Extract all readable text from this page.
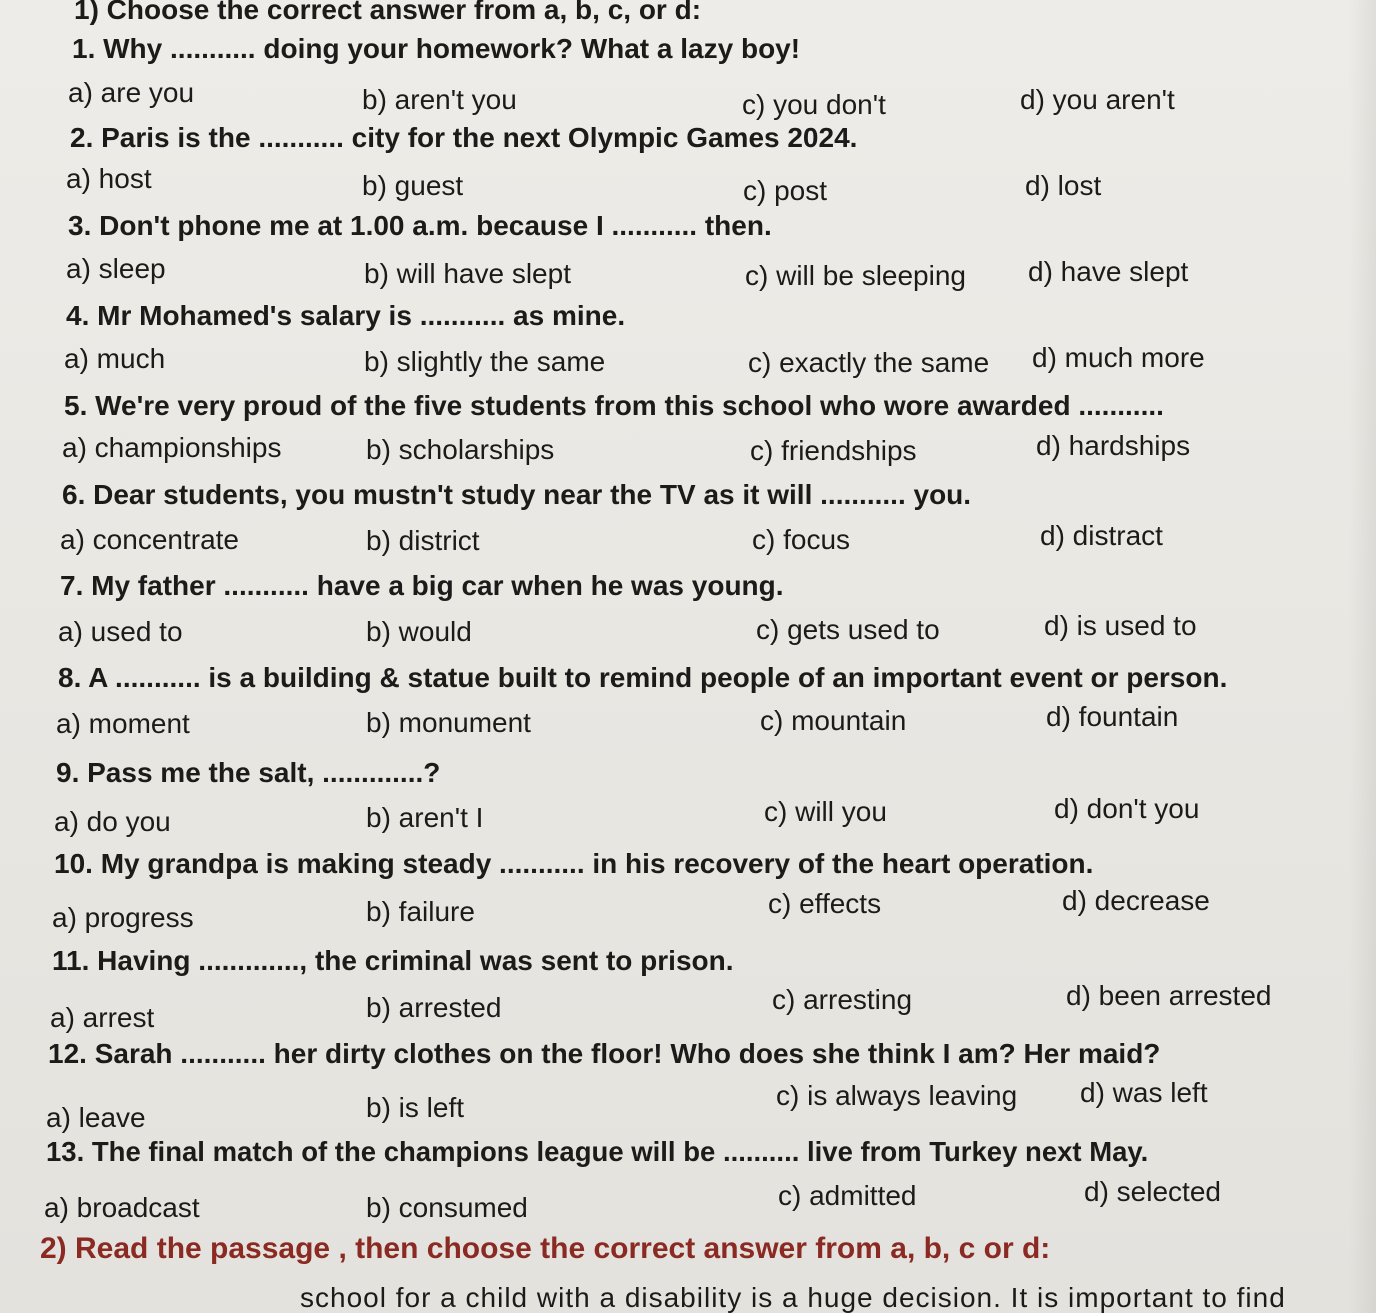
1) Choose the correct answer from a, b, c, or d:
1. Why ........... doing your homework? What a lazy boy!
a) are you	b) aren't you	c) you don't	d) you aren't
2. Paris is the ........... city for the next Olympic Games 2024.
a) host	b) guest	c) post	d) lost
3. Don't phone me at 1.00 a.m. because I ........... then.
a) sleep	b) will have slept	c) will be sleeping d) have slept
4. Mr Mohamed's salary is ........... as mine.
a) much	b) slightly the same	c) exactly the same d) much more
5. We're very proud of the five students from this school who wore awarded ...........
a) championships	b) scholarships	c) friendships	d) hardships
6. Dear students, you mustn't study near the TV as it will ........... you.
a) concentrate	b) district	c) focus	d) distract
7. My father ........... have a big car when he was young.
a) used to	b) would	c) gets used to	d) is used to
8. A ........... is a building & statue built to remind people of an important event or person.
a) moment	b) monument	c) mountain	d) fountain
9. Pass me the salt, .............?
a) do you	b) aren't I	c) will you	d) don't you
10. My grandpa is making steady ........... in his recovery of the heart operation.
a) progress	b) failure	c) effects	d) decrease
11. Having ............., the criminal was sent to prison.
a) arrest	b) arrested	c) arresting	d) been arrested
12. Sarah ........... her dirty clothes on the floor! Who does she think I am? Her maid?
a) leave	b) is left	c) is always leaving d) was left
13. The final match of the champions league will be .......... live from Turkey next May.
a) broadcast	b) consumed	c) admitted	d) selected
2) Read the passage , then choose the correct answer from a, b, c or d:
school for a child with a disability is a huge decision. It is important to find
